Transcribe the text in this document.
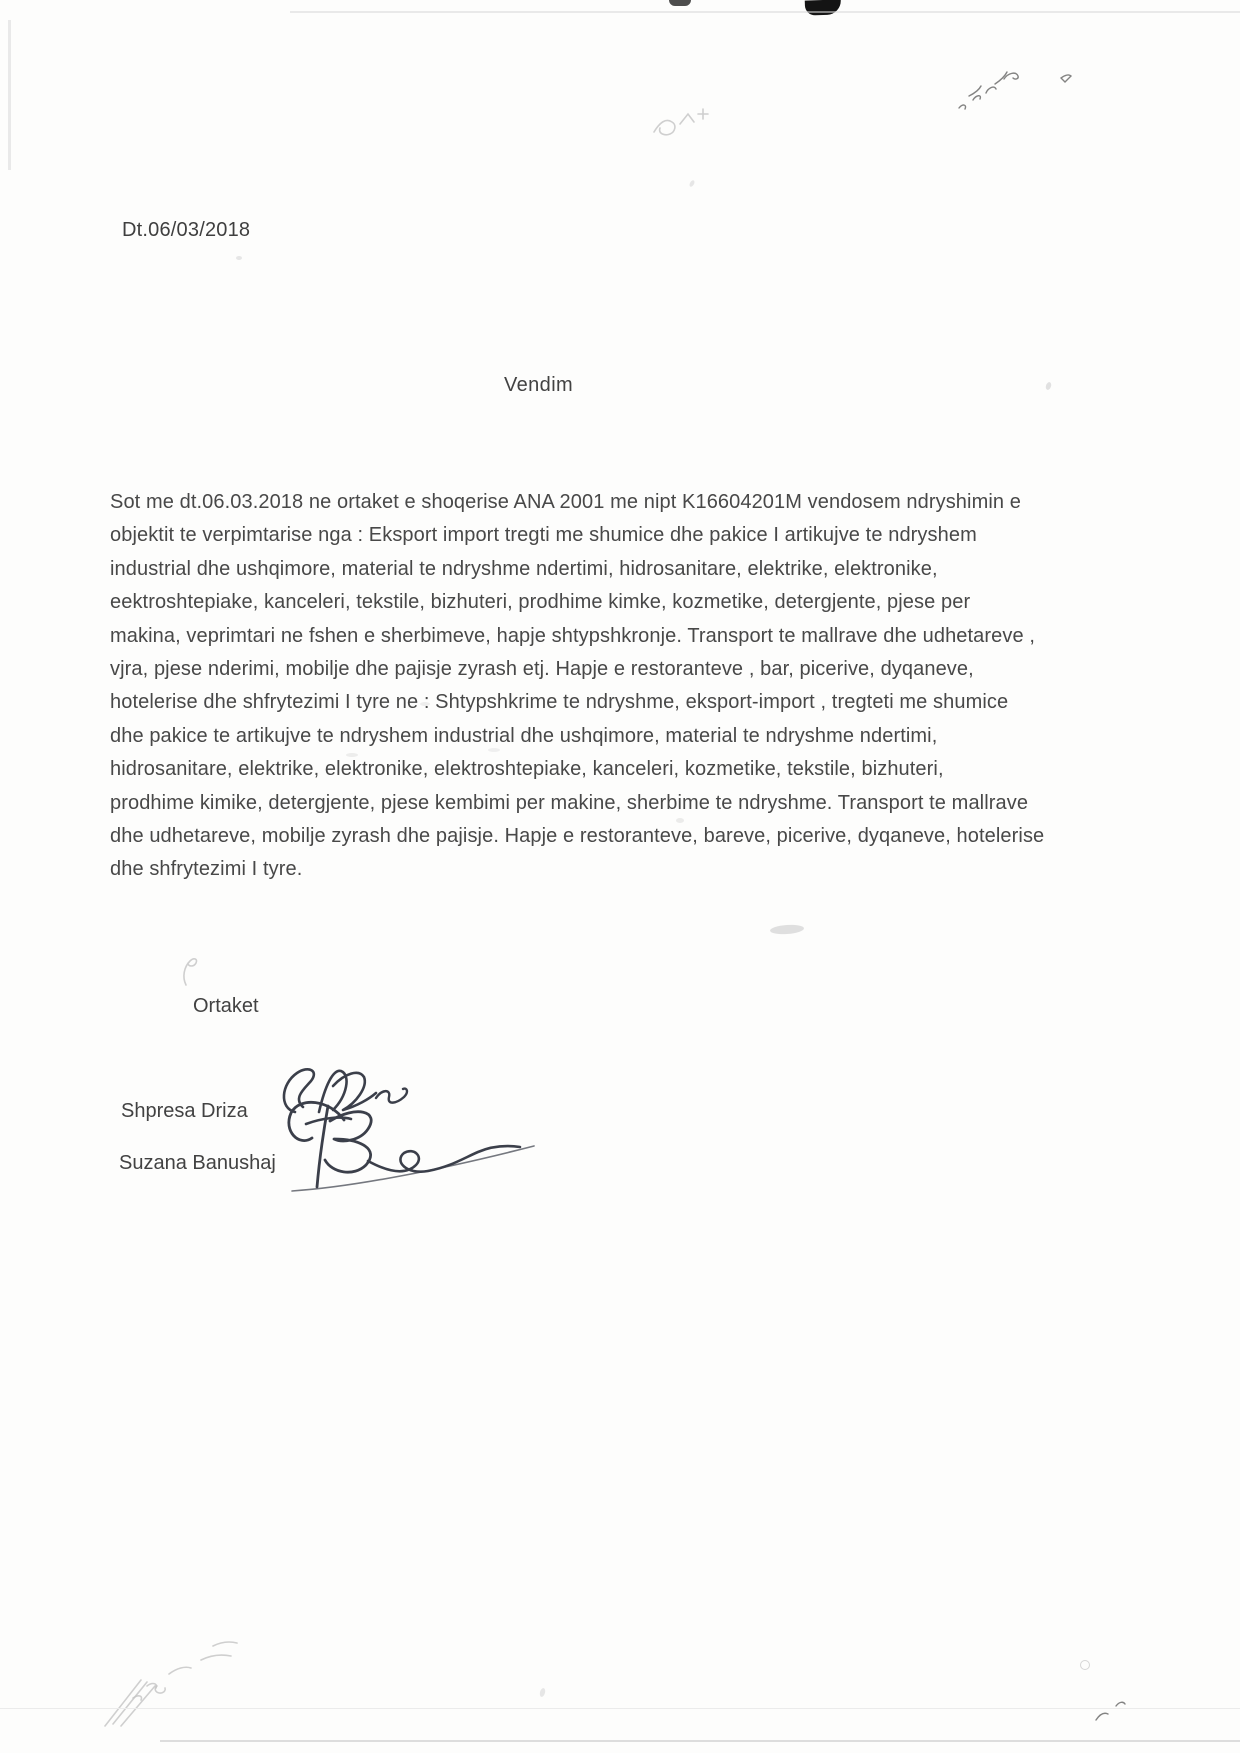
Dt.06/03/2018
Vendim
Sot me dt.06.03.2018 ne ortaket e shoqerise ANA 2001 me nipt K16604201M vendosem ndryshimin e
objektit te verpimtarise nga : Eksport import tregti me shumice dhe pakice I artikujve te ndryshem
industrial dhe ushqimore, material te ndryshme ndertimi, hidrosanitare, elektrike, elektronike,
eektroshtepiake, kanceleri, tekstile, bizhuteri, prodhime kimke, kozmetike, detergjente, pjese per
makina, veprimtari ne fshen e sherbimeve, hapje shtypshkronje. Transport te mallrave dhe udhetareve ,
vjra, pjese nderimi, mobilje dhe pajisje zyrash etj. Hapje e restoranteve , bar, picerive, dyqaneve,
hotelerise dhe shfrytezimi I tyre ne : Shtypshkrime te ndryshme, eksport-import , tregteti me shumice
dhe pakice te artikujve te ndryshem industrial dhe ushqimore, material te ndryshme ndertimi,
hidrosanitare, elektrike, elektronike, elektroshtepiake, kanceleri, kozmetike, tekstile, bizhuteri,
prodhime kimike, detergjente, pjese kembimi per makine, sherbime te ndryshme. Transport te mallrave
dhe udhetareve, mobilje zyrash dhe pajisje. Hapje e restoranteve, bareve, picerive, dyqaneve, hotelerise
dhe shfrytezimi I tyre.
Ortaket
Shpresa Driza
Suzana Banushaj
